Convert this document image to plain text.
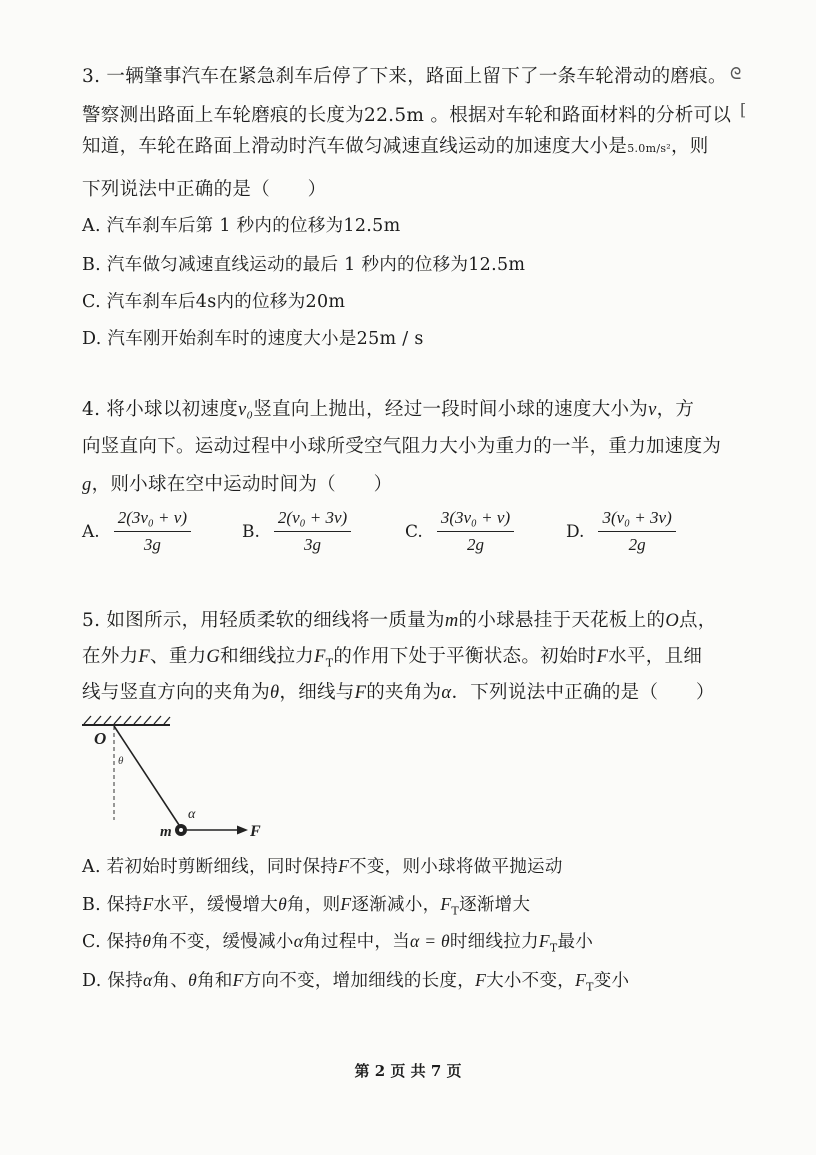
3. 一辆肇事汽车在紧急刹车后停了下来，路面上留下了一条车轮滑动的磨痕。
警察测出路面上车轮磨痕的长度为22.5m 。根据对车轮和路面材料的分析可以
知道，车轮在路面上滑动时汽车做匀减速直线运动的加速度大小是5.0m/s²，则
下列说法中正确的是（　　）
A. 汽车刹车后第 1 秒内的位移为12.5m
B. 汽车做匀减速直线运动的最后 1 秒内的位移为12.5m
C. 汽车刹车后4s内的位移为20m
D. 汽车刚开始刹车时的速度大小是25m / s
ᘓ
[
4. 将小球以初速度v₀竖直向上抛出，经过一段时间小球的速度大小为v，方
向竖直向下。运动过程中小球所受空气阻力大小为重力的一半，重力加速度为
g，则小球在空中运动时间为（　　）
A. $\frac{\text{2(3v₀ + v)}}{3g}$	B. $\frac{\text{2(v₀ + 3v)}}{3g}$	C. $\frac{\text{3(3v₀ + v)}}{2g}$	D. $\frac{\text{3(v₀ + 3v)}}{2g}$
5. 如图所示，用轻质柔软的细线将一质量为m的小球悬挂于天花板上的O点，
在外力F、重力G和细线拉力$F_T$的作用下处于平衡状态。初始时F水平，且细
线与竖直方向的夹角为θ，细线与F的夹角为α．下列说法中正确的是（　　）
O
θ
α
m	F
A. 若初始时剪断细线，同时保持F不变，则小球将做平抛运动
B. 保持F水平，缓慢增大θ角，则F逐渐减小，$F_T$逐渐增大
C. 保持θ角不变，缓慢减小α角过程中，当α = θ时细线拉力$F_T$最小
D. 保持α角、θ角和F方向不变，增加细线的长度，F大小不变，$F_T$变小
第 2 页 共 7 页
